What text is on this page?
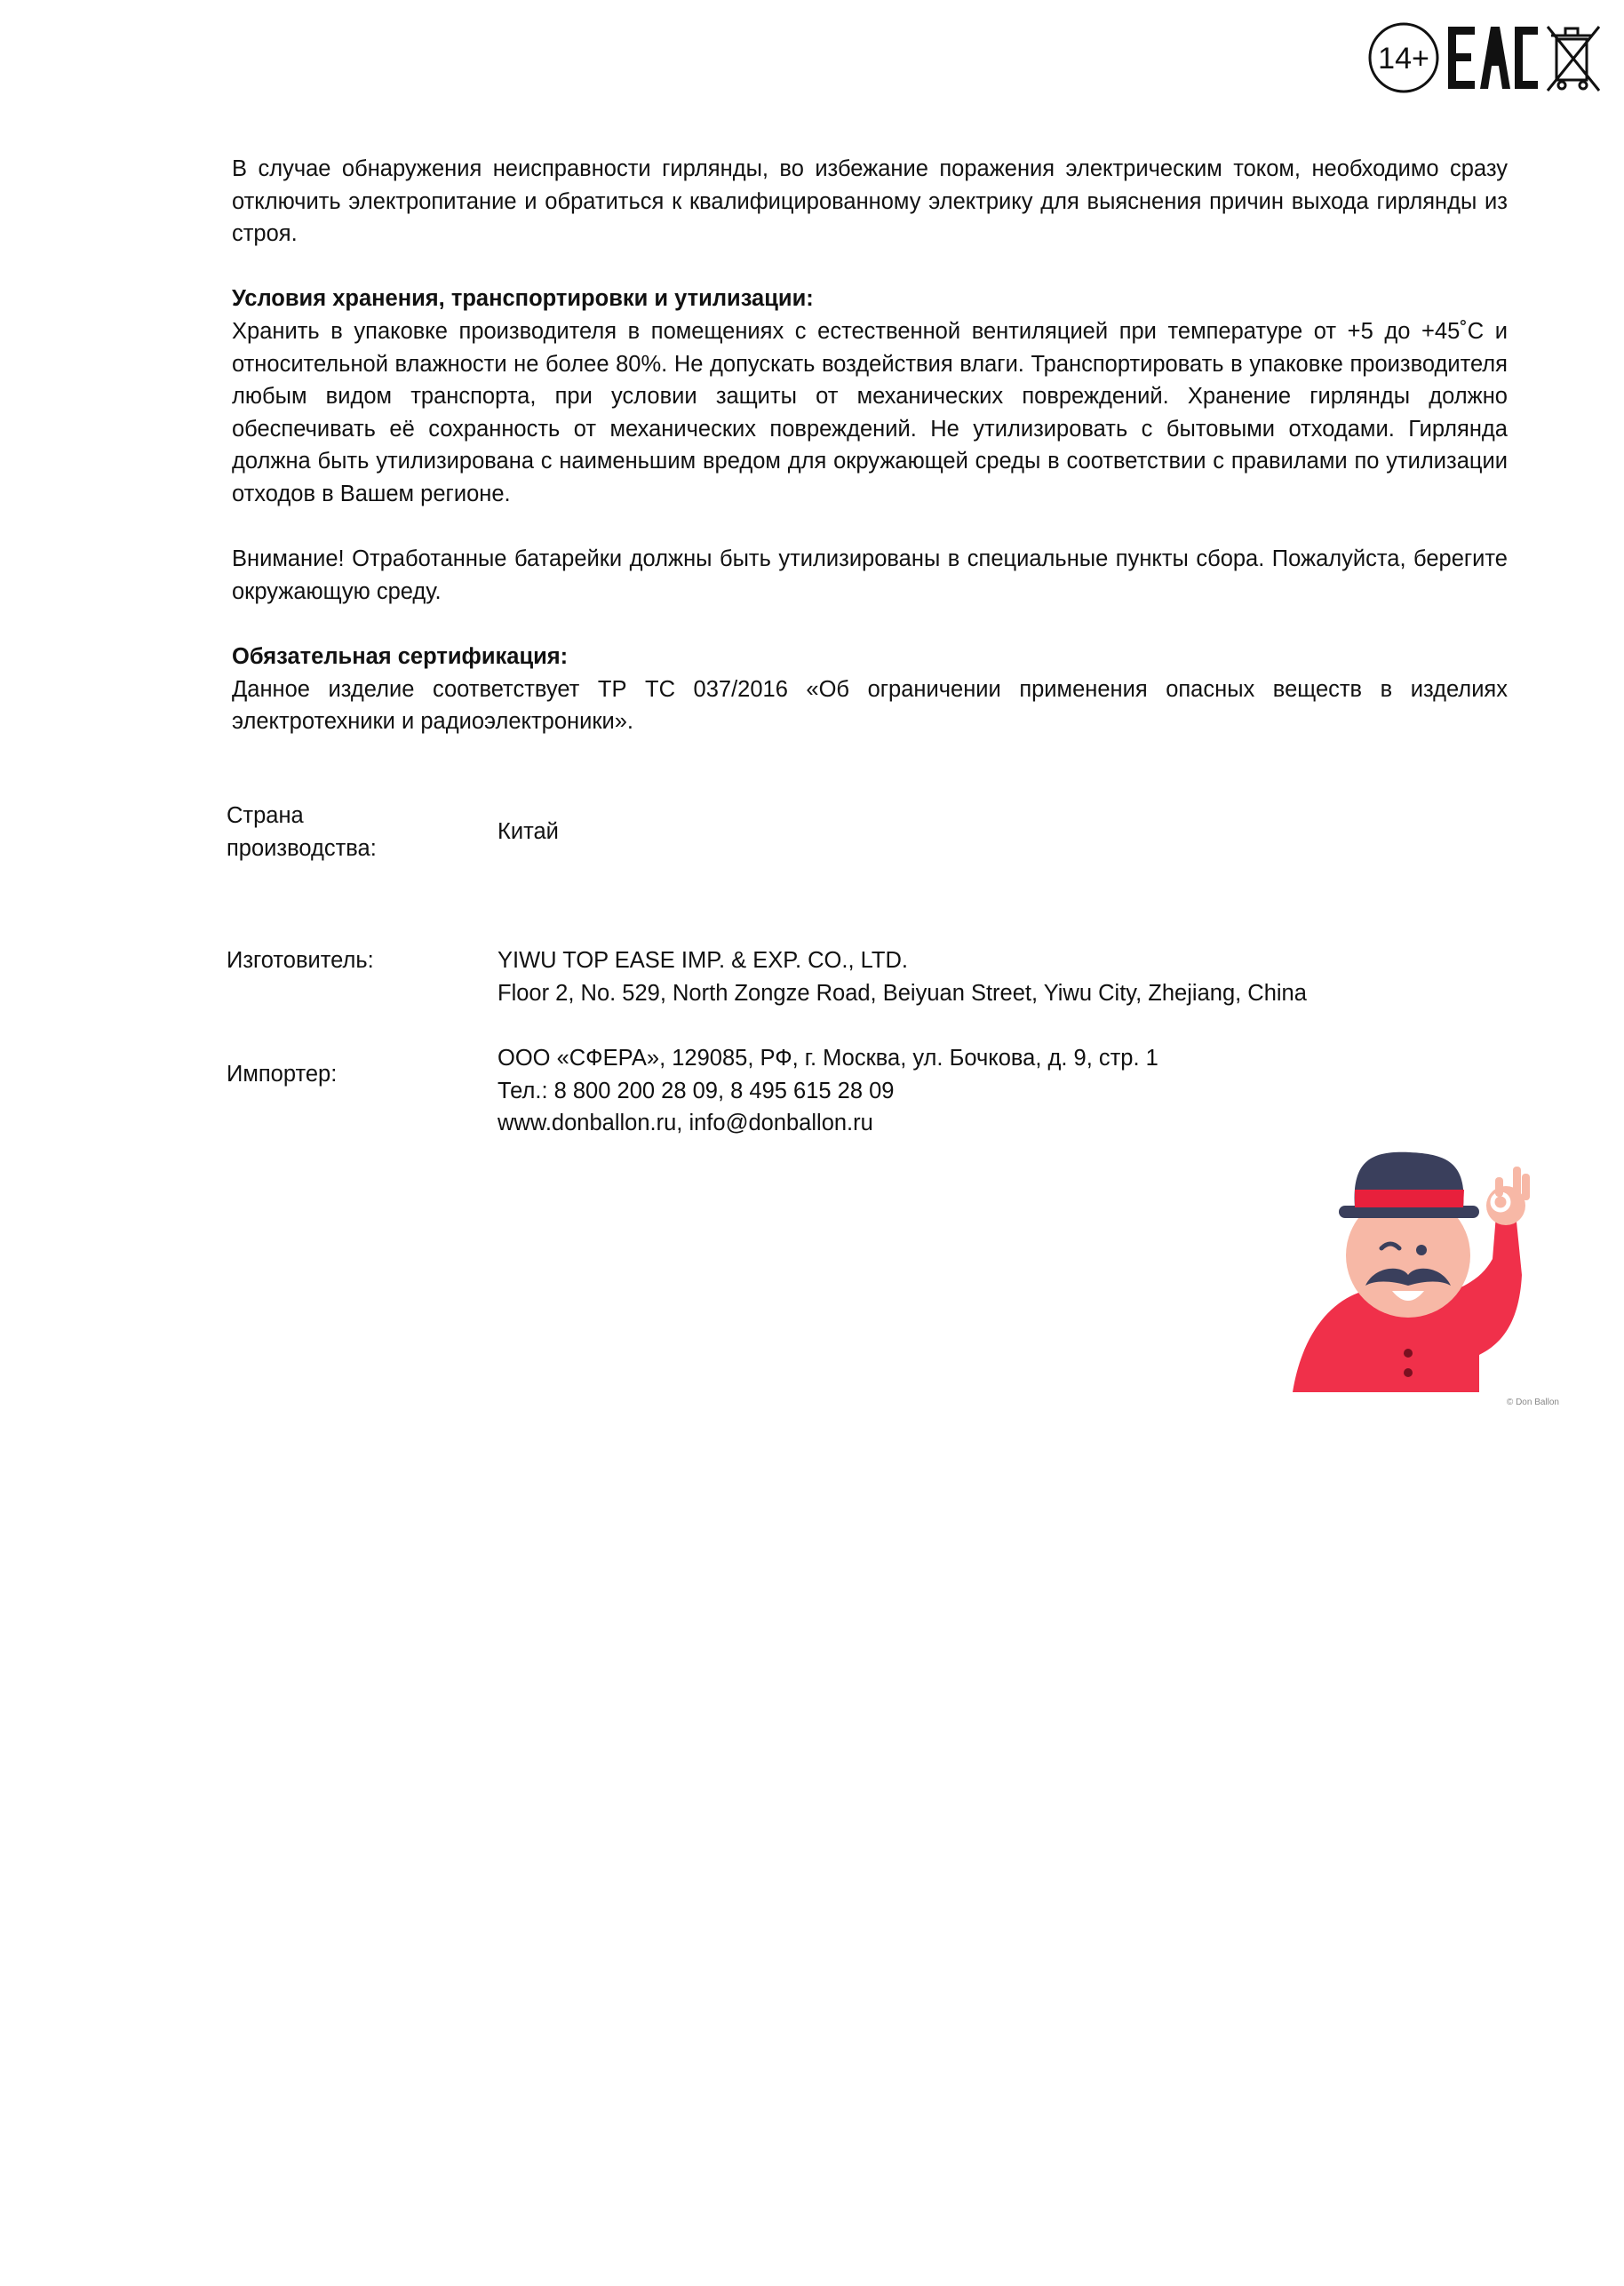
14+

В случае обнаружения неисправности гирлянды, во избежание поражения электрическим током, необходимо сразу отключить электропитание и обратиться к квалифицированному электрику для выяснения причин выхода гирлянды из строя.

Условия хранения, транспортировки и утилизации:

Хранить в упаковке производителя в помещениях с естественной вентиляцией при температуре от +5 до +45˚С и относительной влажности не более 80%. Не допускать воздействия влаги. Транспортировать в упаковке производителя любым видом транспорта, при условии защиты от механических повреждений. Хранение гирлянды должно обеспечивать её сохранность от механических повреждений. Не утилизировать с бытовыми отходами. Гирлянда должна быть утилизирована с наименьшим вредом для окружающей среды в соответствии с правилами по утилизации отходов в Вашем регионе.

Внимание! Отработанные батарейки должны быть утилизированы в специальные пункты сбора. Пожалуйста, берегите окружающую среду.

Обязательная сертификация:

Данное изделие соответствует ТР ТС 037/2016 «Об ограничении применения опасных веществ в изделиях электротехники и радиоэлектроники».

Страна
производства:
Китай
Изготовитель:	YIWU TOP EASE IMP. & EXP. CO., LTD.
Floor 2, No. 529, North Zongze Road, Beiyuan Street, Yiwu City, Zhejiang, China
Импортер:
ООО «СФЕРА», 129085, РФ, г. Москва, ул. Бочкова, д. 9, стр. 1
Тел.: 8 800 200 28 09, 8 495 615 28 09
www.donballon.ru, info@donballon.ru
© Don Ballon
